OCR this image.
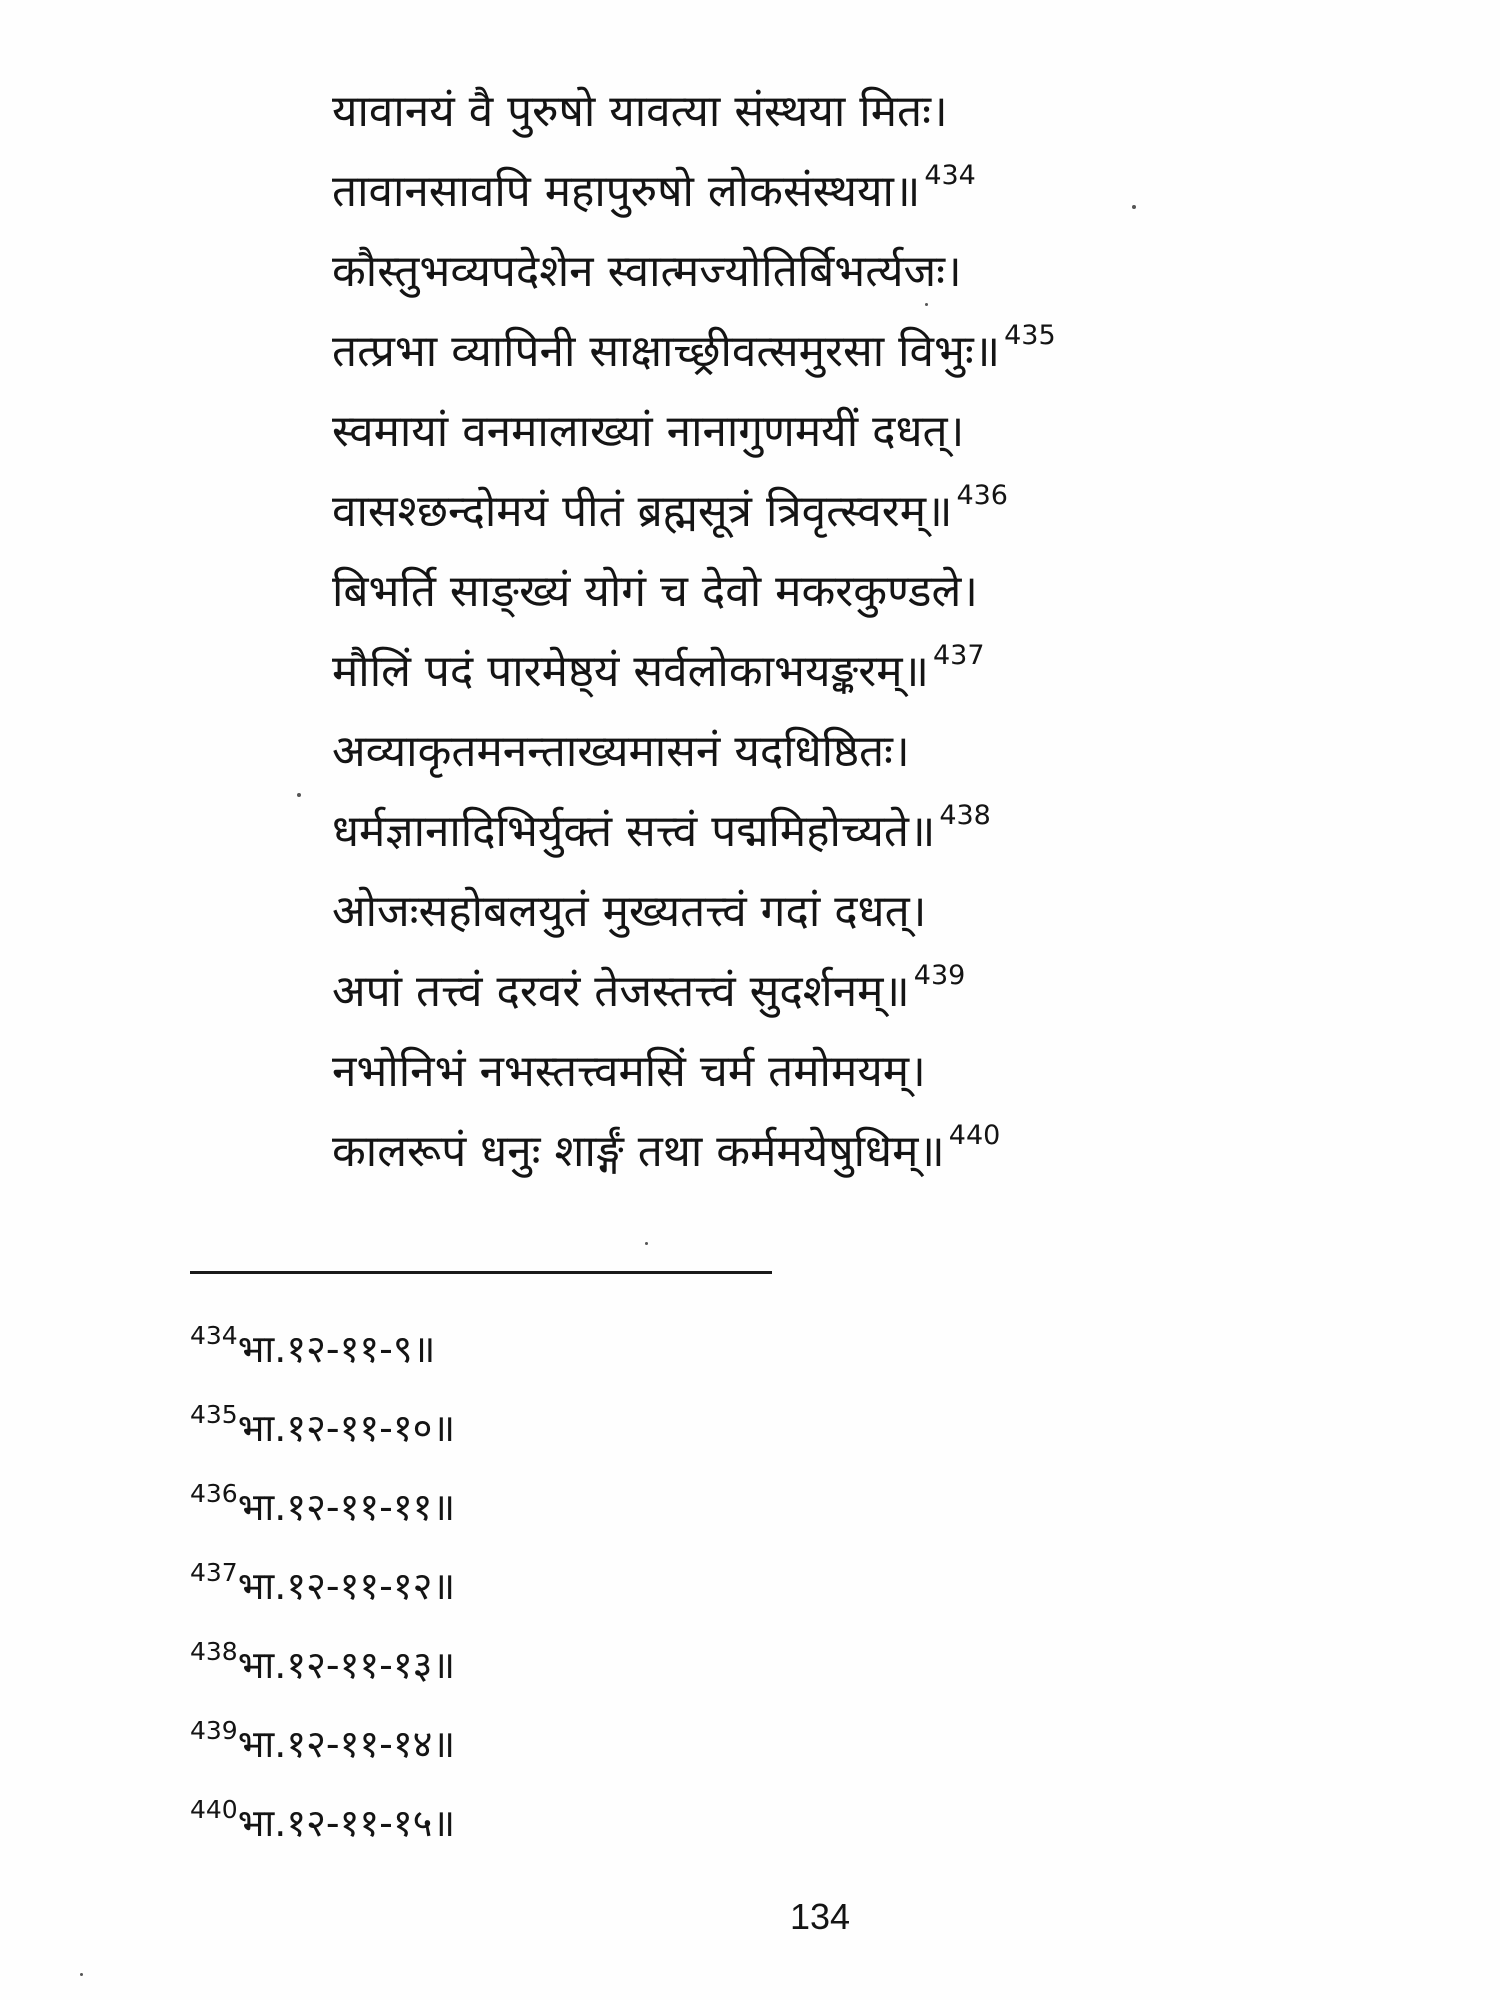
यावानयं वै पुरुषो यावत्या संस्थया मितः।
तावानसावपि महापुरुषो लोकसंस्थया॥ $^{434}$
कौस्तुभव्यपदेशेन स्वात्मज्योतिर्बिभर्त्यजः।
तत्प्रभा व्यापिनी साक्षाच्छ्रीवत्समुरसा विभुः॥ $^{435}$
स्वमायां वनमालाख्यां नानागुणमयीं दधत्।
वासश्छन्दोमयं पीतं ब्रह्मसूत्रं त्रिवृत्स्वरम्॥ $^{436}$
बिभर्ति साङ्ख्यं योगं च देवो मकरकुण्डले।
मौलिं पदं पारमेष्ठ्यं सर्वलोकाभयङ्करम्॥ $^{437}$
अव्याकृतमनन्ताख्यमासनं यदधिष्ठितः।
धर्मज्ञानादिभिर्युक्तं सत्त्वं पद्ममिहोच्यते॥ $^{438}$
ओजःसहोबलयुतं मुख्यतत्त्वं गदां दधत्।
अपां तत्त्वं दरवरं तेजस्तत्त्वं सुदर्शनम्॥ $^{439}$
नभोनिभं नभस्तत्त्वमसिं चर्म तमोमयम्।
कालरूपं धनुः शार्ङ्गं तथा कर्ममयेषुधिम्॥ $^{440}$
$^{434}$भा.१२-११-९॥
$^{435}$भा.१२-११-१०॥
$^{436}$भा.१२-११-११॥
$^{437}$भा.१२-११-१२॥
$^{438}$भा.१२-११-१३॥
$^{439}$भा.१२-११-१४॥
$^{440}$भा.१२-११-१५॥
134
